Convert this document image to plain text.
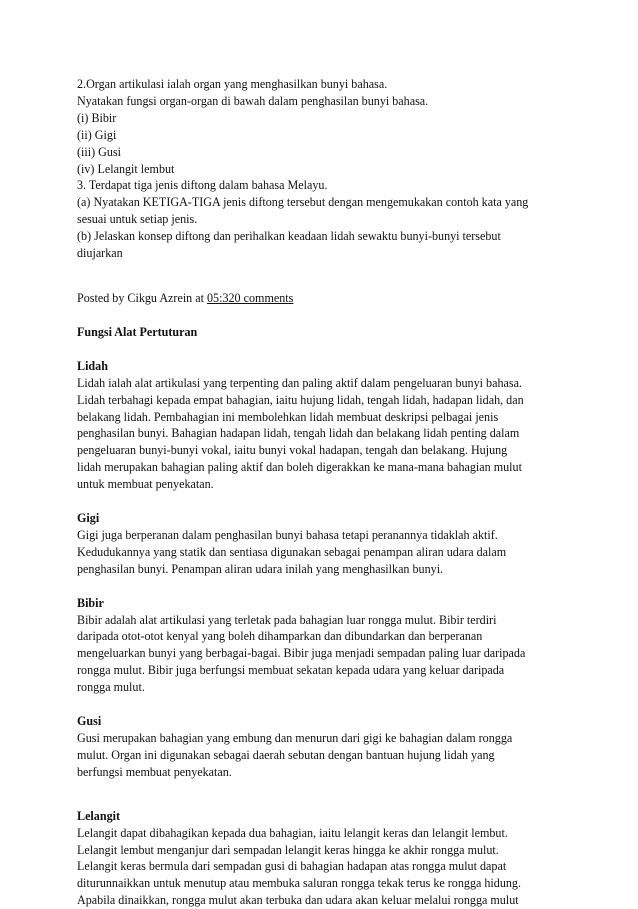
2.Organ artikulasi ialah organ yang menghasilkan bunyi bahasa.
Nyatakan fungsi organ-organ di bawah dalam penghasilan bunyi bahasa.
(i) Bibir
(ii) Gigi
(iii) Gusi
(iv) Lelangit lembut
3. Terdapat tiga jenis diftong dalam bahasa Melayu.
(a) Nyatakan KETIGA-TIGA jenis diftong tersebut dengan mengemukakan contoh kata yang
sesuai untuk setiap jenis.
(b) Jelaskan konsep diftong dan perihalkan keadaan lidah sewaktu bunyi-bunyi tersebut
diujarkan
Posted by Cikgu Azrein at 05:320 comments
Fungsi Alat Pertuturan
Lidah
Lidah ialah alat artikulasi yang terpenting dan paling aktif dalam pengeluaran bunyi bahasa.
Lidah terbahagi kepada empat bahagian, iaitu hujung lidah, tengah lidah, hadapan lidah, dan
belakang lidah. Pembahagian ini membolehkan lidah membuat deskripsi pelbagai jenis
penghasilan bunyi. Bahagian hadapan lidah, tengah lidah dan belakang lidah penting dalam
pengeluaran bunyi-bunyi vokal, iaitu bunyi vokal hadapan, tengah dan belakang. Hujung
lidah merupakan bahagian paling aktif dan boleh digerakkan ke mana-mana bahagian mulut
untuk membuat penyekatan.
Gigi
Gigi juga berperanan dalam penghasilan bunyi bahasa tetapi peranannya tidaklah aktif.
Kedudukannya yang statik dan sentiasa digunakan sebagai penampan aliran udara dalam
penghasilan bunyi. Penampan aliran udara inilah yang menghasilkan bunyi.
Bibir
Bibir adalah alat artikulasi yang terletak pada bahagian luar rongga mulut. Bibir terdiri
daripada otot-otot kenyal yang boleh dihamparkan dan dibundarkan dan berperanan
mengeluarkan bunyi yang berbagai-bagai. Bibir juga menjadi sempadan paling luar daripada
rongga mulut. Bibir juga berfungsi membuat sekatan kepada udara yang keluar daripada
rongga mulut.
Gusi
Gusi merupakan bahagian yang embung dan menurun dari gigi ke bahagian dalam rongga
mulut. Organ ini digunakan sebagai daerah sebutan dengan bantuan hujung lidah yang
berfungsi membuat penyekatan.
Lelangit
Lelangit dapat dibahagikan kepada dua bahagian, iaitu lelangit keras dan lelangit lembut.
Lelangit lembut menganjur dari sempadan lelangit keras hingga ke akhir rongga mulut.
Lelangit keras bermula dari sempadan gusi di bahagian hadapan atas rongga mulut dapat
diturunnaikkan untuk menutup atau membuka saluran rongga tekak terus ke rongga hidung.
Apabila dinaikkan, rongga mulut akan terbuka dan udara akan keluar melalui rongga mulut
